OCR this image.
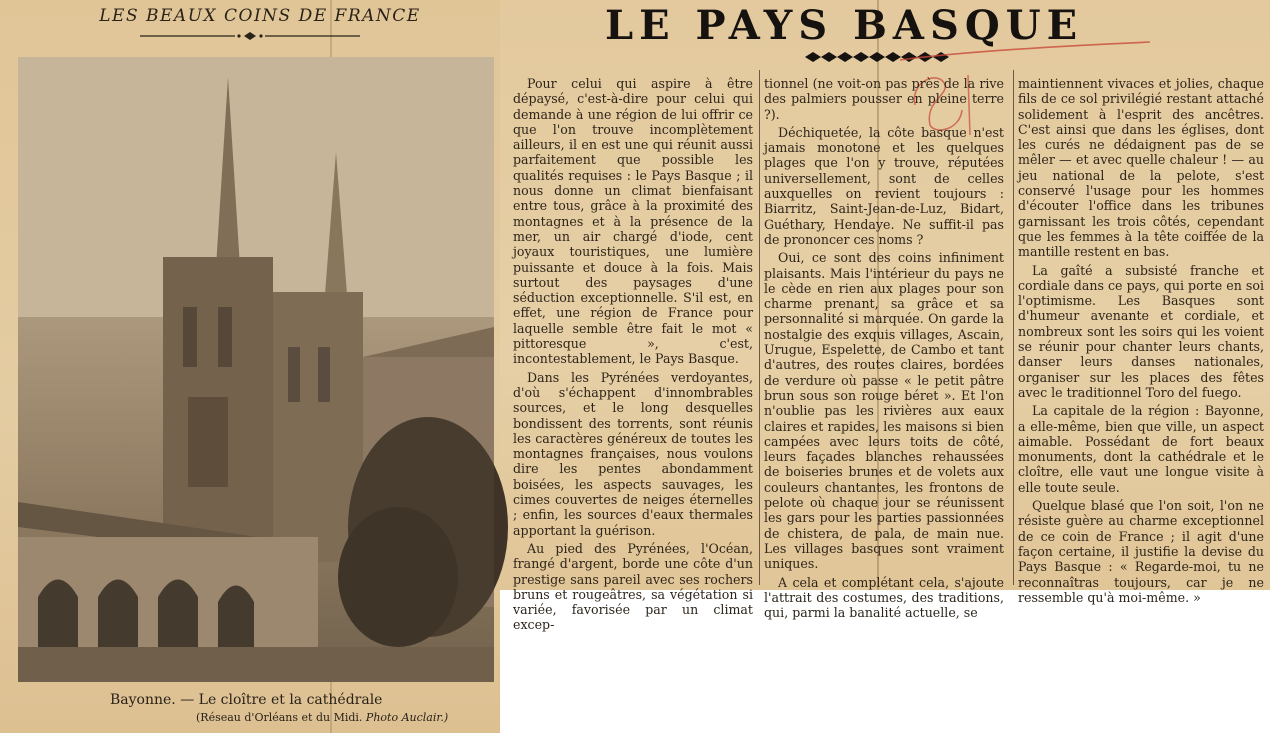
LES BEAUX COINS DE FRANCE
Bayonne. — Le cloître et la cathédrale
(Réseau d'Orléans et du Midi. Photo Auclair.)
LE PAYS BASQUE

Pour celui qui aspire à être dépaysé, c'est-à-dire pour celui qui demande à une région de lui offrir ce que l'on trouve incomplètement ailleurs, il en est une qui réunit aussi parfaitement que possible les qualités requises : le Pays Basque ; il nous donne un climat bienfaisant entre tous, grâce à la proximité des montagnes et à la présence de la mer, un air chargé d'iode, cent joyaux touristiques, une lumière puissante et douce à la fois. Mais surtout des paysages d'une séduction exceptionnelle. S'il est, en effet, une région de France pour laquelle semble être fait le mot « pittoresque », c'est, incontestablement, le Pays Basque.

Dans les Pyrénées verdoyantes, d'où s'échappent d'innombrables sources, et le long desquelles bondissent des torrents, sont réunis les caractères généreux de toutes les montagnes françaises, nous voulons dire les pentes abondamment boisées, les aspects sauvages, les cimes couvertes de neiges éternelles ; enfin, les sources d'eaux thermales apportant la guérison.

Au pied des Pyrénées, l'Océan, frangé d'argent, borde une côte d'un prestige sans pareil avec ses rochers bruns et rougeâtres, sa végétation si variée, favorisée par un climat excep-

tionnel (ne voit-on pas près de la rive des palmiers pousser en pleine terre ?).

Déchiquetée, la côte basque n'est jamais monotone et les quelques plages que l'on y trouve, réputées universellement, sont de celles auxquelles on revient toujours : Biarritz, Saint-Jean-de-Luz, Bidart, Guéthary, Hendaye. Ne suffit-il pas de prononcer ces noms ?

Oui, ce sont des coins infiniment plaisants. Mais l'intérieur du pays ne le cède en rien aux plages pour son charme prenant, sa grâce et sa personnalité si marquée. On garde la nostalgie des exquis villages, Ascain, Urugue, Espelette, de Cambo et tant d'autres, des routes claires, bordées de verdure où passe « le petit pâtre brun sous son rouge béret ». Et l'on n'oublie pas les rivières aux eaux claires et rapides, les maisons si bien campées avec leurs toits de côté, leurs façades blanches rehaussées de boiseries brunes et de volets aux couleurs chantantes, les frontons de pelote où chaque jour se réunissent les gars pour les parties passionnées de chistera, de pala, de main nue. Les villages basques sont vraiment uniques.

A cela et complétant cela, s'ajoute l'attrait des costumes, des traditions, qui, parmi la banalité actuelle, se

maintiennent vivaces et jolies, chaque fils de ce sol privilégié restant attaché solidement à l'esprit des ancêtres. C'est ainsi que dans les églises, dont les curés ne dédaignent pas de se mêler — et avec quelle chaleur ! — au jeu national de la pelote, s'est conservé l'usage pour les hommes d'écouter l'office dans les tribunes garnissant les trois côtés, cependant que les femmes à la tête coiffée de la mantille restent en bas.

La gaîté a subsisté franche et cordiale dans ce pays, qui porte en soi l'optimisme. Les Basques sont d'humeur avenante et cordiale, et nombreux sont les soirs qui les voient se réunir pour chanter leurs chants, danser leurs danses nationales, organiser sur les places des fêtes avec le traditionnel Toro del fuego.

La capitale de la région : Bayonne, a elle-même, bien que ville, un aspect aimable. Possédant de fort beaux monuments, dont la cathédrale et le cloître, elle vaut une longue visite à elle toute seule.

Quelque blasé que l'on soit, l'on ne résiste guère au charme exceptionnel de ce coin de France ; il agit d'une façon certaine, il justifie la devise du Pays Basque : « Regarde-moi, tu ne reconnaîtras toujours, car je ne ressemble qu'à moi-même. »
